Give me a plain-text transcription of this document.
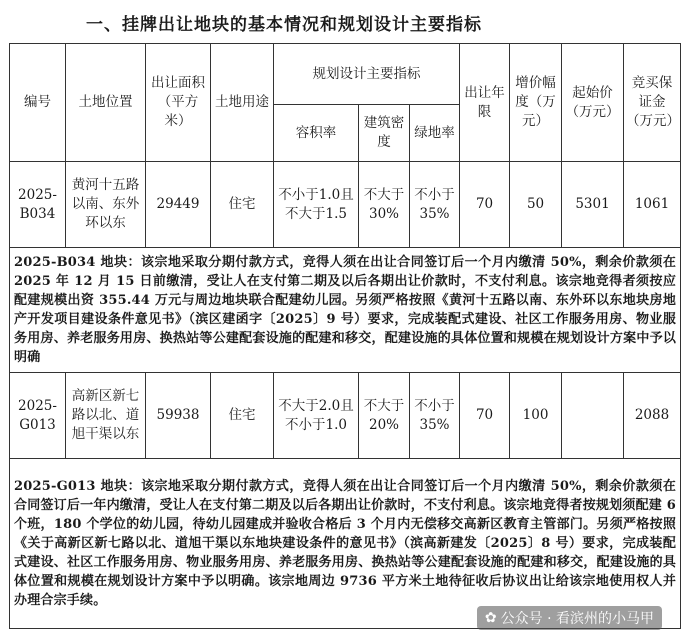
一、挂牌出让地块的基本情况和规划设计主要指标
编号	土地位置	出让面积（平方米）	土地用途	规划设计主要指标			出让年限	增价幅度（万元）	起始价（万元）	竞买保证金（万元）
				容积率	建筑密度	绿地率				
2025-B034	黄河十五路以南、东外环以东	29449	住宅	不小于1.0且不大于1.5	不大于30%	不小于35%	70	50	5301	1061
2025-B034 地块：该宗地采取分期付款方式，竞得人须在出让合同签订后一个月内缴清 50%，剩余价款须在 2025 年 12 月 15 日前缴清，受让人在支付第二期及以后各期出让价款时，不支付利息。该宗地竞得者须按应配建规模出资 355.44 万元与周边地块联合配建幼儿园。另须严格按照《黄河十五路以南、东外环以东地块房地产开发项目建设条件意见书》（滨区建函字〔2025〕9 号）要求，完成装配式建设、社区工作服务用房、物业服务用房、养老服务用房、换热站等公建配套设施的配建和移交，配建设施的具体位置和规模在规划设计方案中予以明确										
2025-G013	高新区新七路以北、道旭干渠以东	59938	住宅	不大于2.0且不小于1.0	不大于20%	不小于35%	70	100		2088
2025-G013 地块：该宗地采取分期付款方式，竞得人须在出让合同签订后一个月内缴清 50%，剩余价款须在合同签订后一年内缴清，受让人在支付第二期及以后各期出让价款时，不支付利息。该宗地竞得者按规划须配建 6 个班，180 个学位的幼儿园，待幼儿园建成并验收合格后 3 个月内无偿移交高新区教育主管部门。另须严格按照《关于高新区新七路以北、道旭干渠以东地块建设条件的意见书》（滨高新建发〔2025〕8 号）要求，完成装配式建设、社区工作服务用房、物业服务用房、养老服务用房、换热站等公建配套设施的配建和移交，配建设施的具体位置和规模在规划设计方案中予以明确。该宗地周边 9736 平方米土地待征收后协议出让给该宗地使用权人并办理合宗手续。										
✿ 公众号 · 看滨州的小马甲
